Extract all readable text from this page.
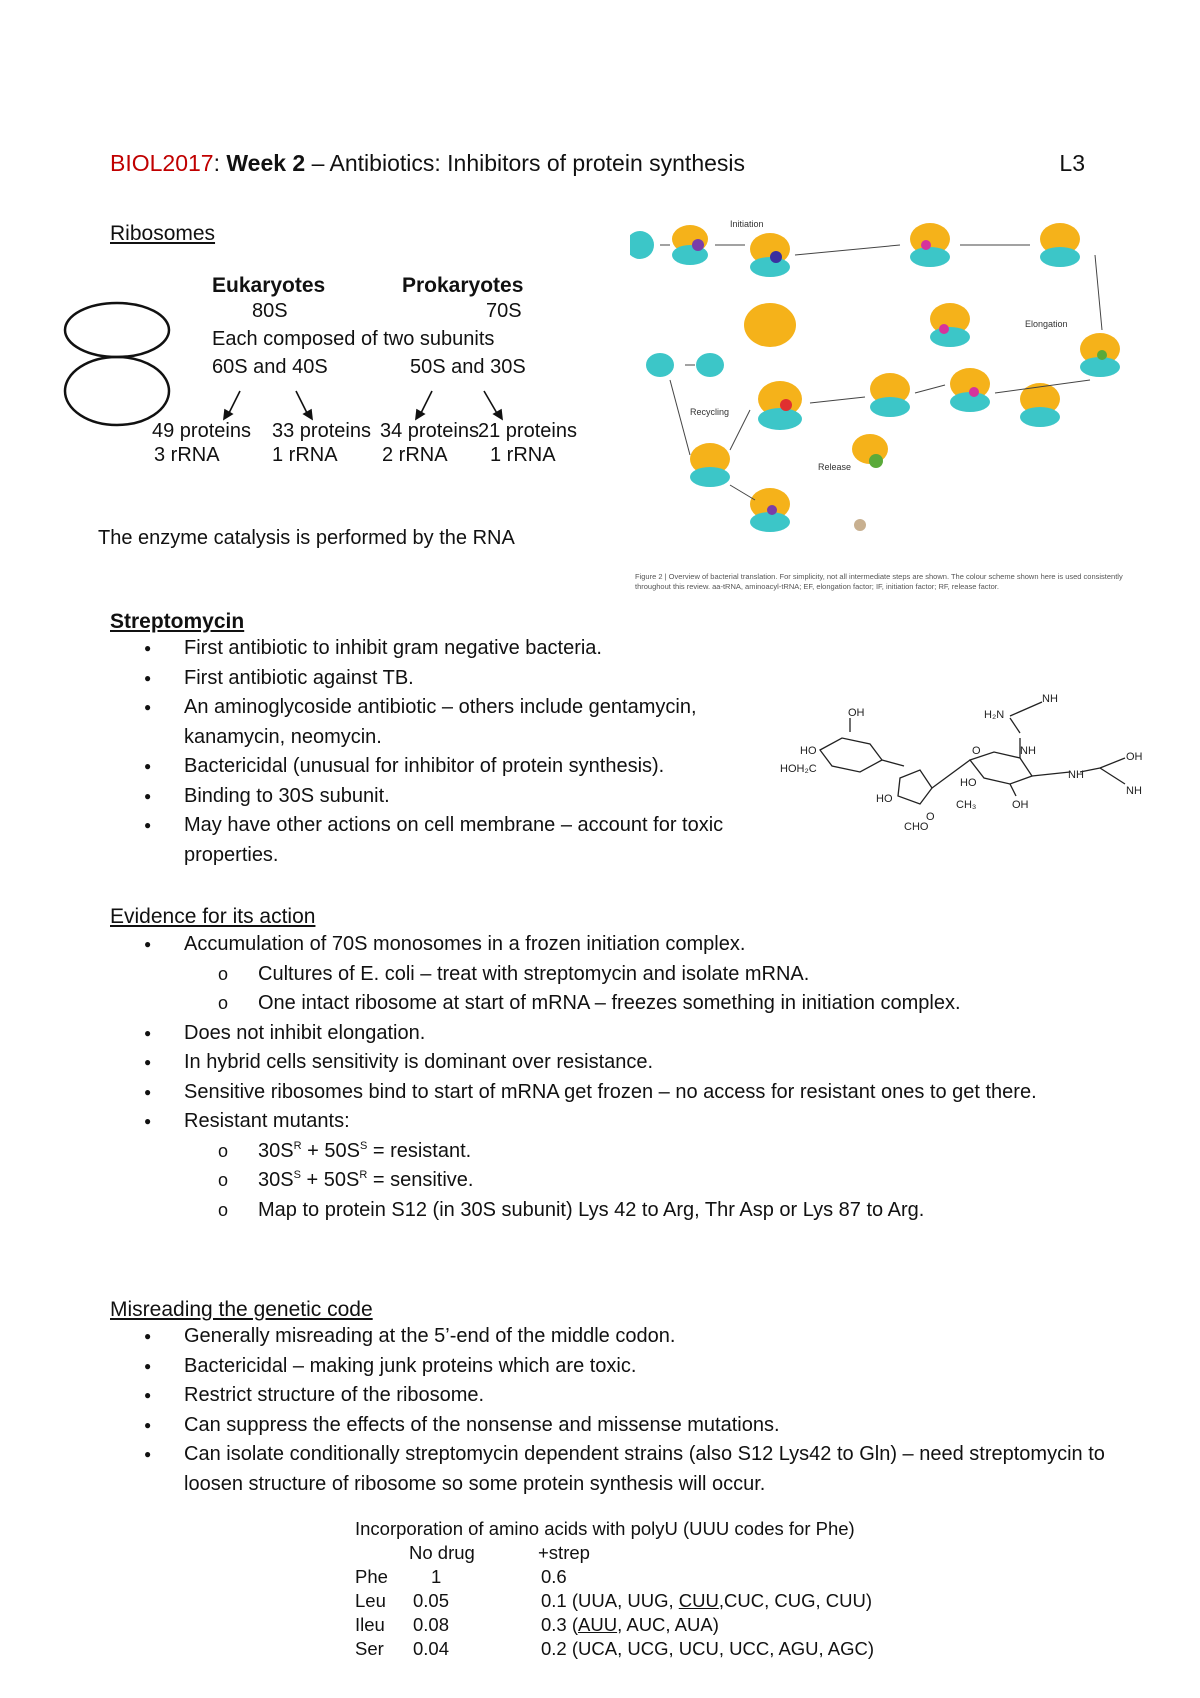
BIOL2017: Week 2 – Antibiotics: Inhibitors of protein synthesis	L3
Ribosomes
Eukaryotes	Prokaryotes
80S	70S
Each composed of two subunits
60S and 40S	50S and 30S
49 proteins 33 proteins 34 proteins 21 proteins
3 rRNA	1 rRNA 2 rRNA 1 rRNA
The enzyme catalysis is performed by the RNA
Initiation
Elongation
Recycling
Release
Figure 2 | Overview of bacterial translation. For simplicity, not all intermediate steps are shown. The colour scheme shown here is used consistently throughout this review. aa-tRNA, aminoacyl-tRNA; EF, elongation factor; IF, initiation factor; RF, release factor.
Streptomycin
● First antibiotic to inhibit gram negative bacteria.
● First antibiotic against TB.
● An aminoglycoside antibiotic – others include gentamycin, kanamycin, neomycin.
● Bactericidal (unusual for inhibitor of protein synthesis).
● Binding to 30S subunit.
● May have other actions on cell membrane – account for toxic properties.
H₂N
NH
NH
NH
NH
OH
HO
HO
HO
OH
OH
CH₃
CHO
O
O
HOH₂C
Evidence for its action
● Accumulation of 70S monosomes in a frozen initiation complex.
o Cultures of E. coli – treat with streptomycin and isolate mRNA.
o One intact ribosome at start of mRNA – freezes something in initiation complex.
● Does not inhibit elongation.
● In hybrid cells sensitivity is dominant over resistance.
● Sensitive ribosomes bind to start of mRNA get frozen – no access for resistant ones to get there.
● Resistant mutants:
o $30S^R + 50S^S$ = resistant.
o $30S^S + 50S^R$ = sensitive.
o Map to protein S12 (in 30S subunit) Lys 42 to Arg, Thr Asp or Lys 87 to Arg.
Misreading the genetic code
● Generally misreading at the 5’-end of the middle codon.
● Bactericidal – making junk proteins which are toxic.
● Restrict structure of the ribosome.
● Can suppress the effects of the nonsense and missense mutations.
● Can isolate conditionally streptomycin dependent strains (also S12 Lys42 to Gln) – need streptomycin to loosen structure of ribosome so some protein synthesis will occur.
Incorporation of amino acids with polyU (UUU codes for Phe)
No drug	+strep
Phe 1	0.6
Leu 0.05	0.1 (UUA, UUG, CUU,CUC, CUG, CUU)
Ileu 0.08	0.3 (AUU, AUC, AUA)
Ser 0.04	0.2 (UCA, UCG, UCU, UCC, AGU, AGC)
